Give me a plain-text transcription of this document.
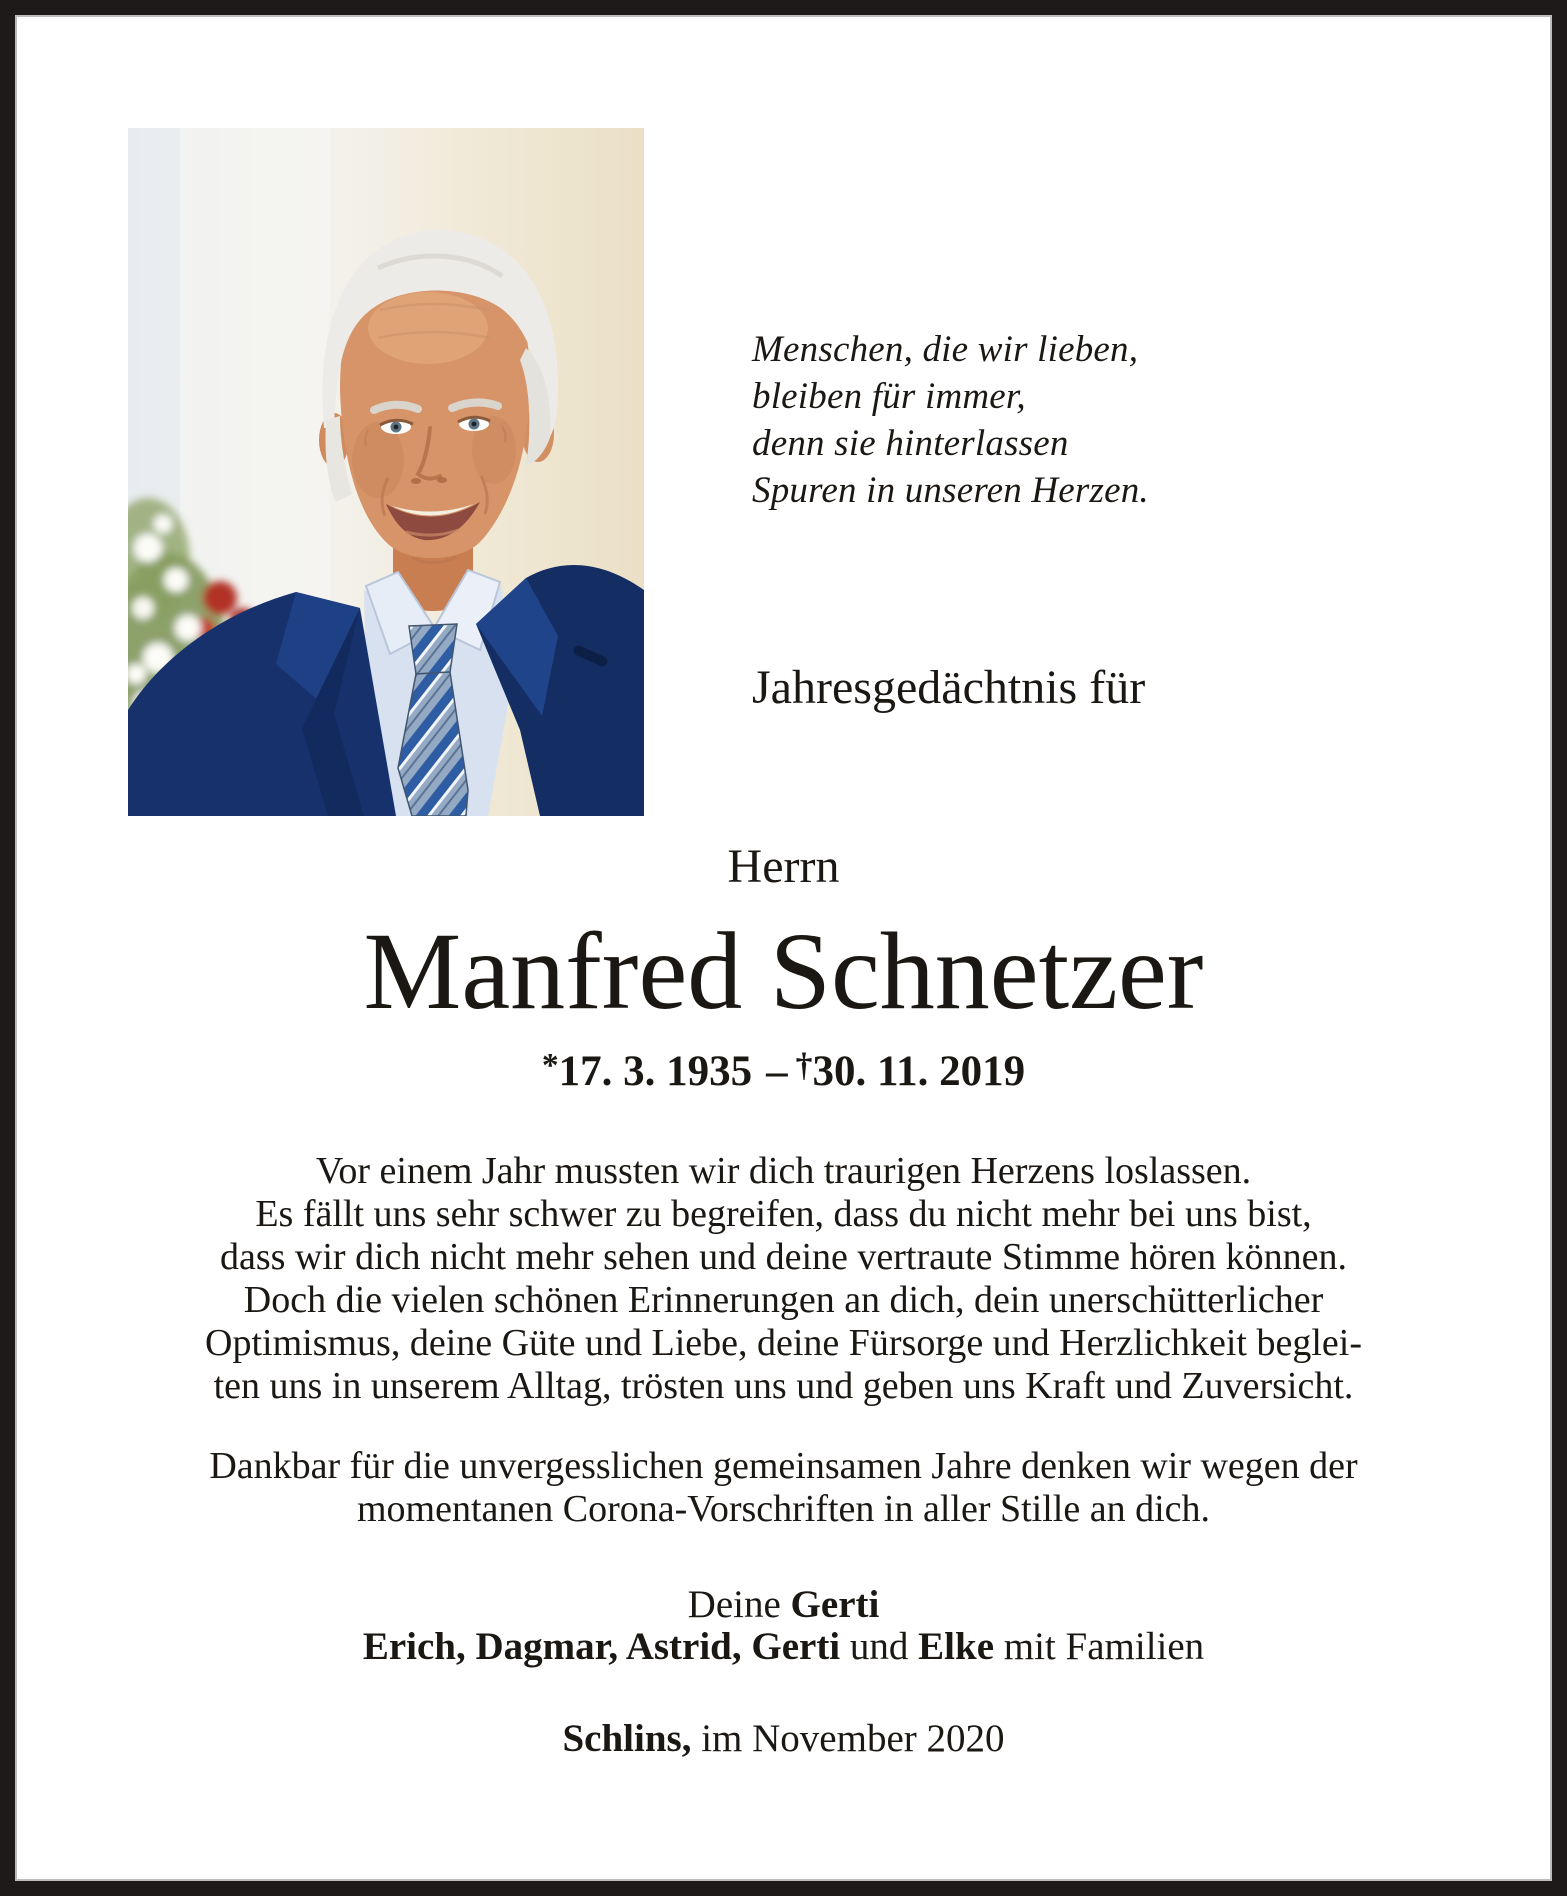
Menschen, die wir lieben,
bleiben für immer,
denn sie hinterlassen
Spuren in unseren Herzen.
Jahresgedächtnis für
Herrn
Manfred Schnetzer
*17. 3. 1935 – †30. 11. 2019

Vor einem Jahr mussten wir dich traurigen Herzens loslassen.
Es fällt uns sehr schwer zu begreifen, dass du nicht mehr bei uns bist,
dass wir dich nicht mehr sehen und deine vertraute Stimme hören können.
Doch die vielen schönen Erinnerungen an dich, dein unerschütterlicher
Optimismus, deine Güte und Liebe, deine Fürsorge und Herzlichkeit beglei-
ten uns in unserem Alltag, trösten uns und geben uns Kraft und Zuversicht.

Dankbar für die unvergesslichen gemeinsamen Jahre denken wir wegen der
momentanen Corona-Vorschriften in aller Stille an dich.

Deine Gerti
Erich, Dagmar, Astrid, Gerti und Elke mit Familien
Schlins, im November 2020
